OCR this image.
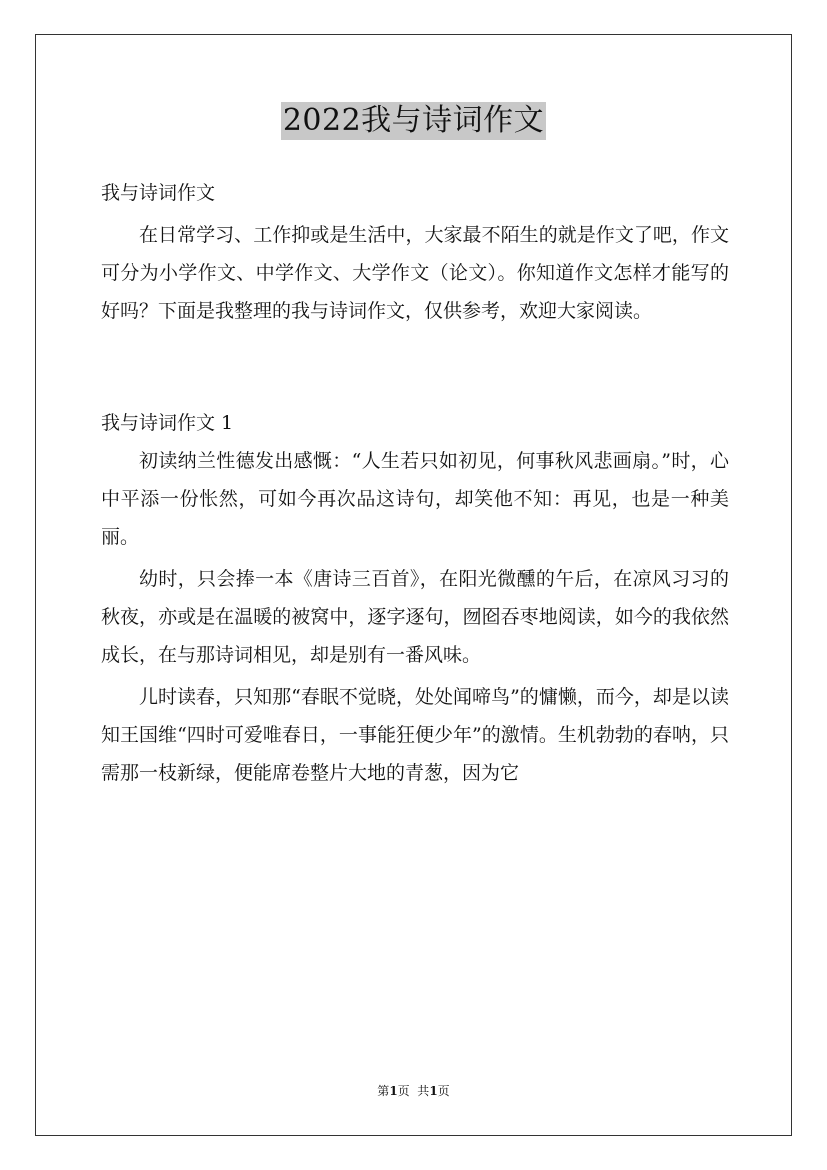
2022我与诗词作文

我与诗词作文

在日常学习、工作抑或是生活中，大家最不陌生的就是作文了吧，作文可分为小学作文、中学作文、大学作文（论文）。你知道作文怎样才能写的好吗？下面是我整理的我与诗词作文，仅供参考，欢迎大家阅读。

我与诗词作文 1

初读纳兰性德发出感慨：“人生若只如初见，何事秋风悲画扇。”时，心中平添一份怅然，可如今再次品这诗句，却笑他不知：再见，也是一种美丽。

幼时，只会捧一本《唐诗三百首》，在阳光微醺的午后，在凉风习习的秋夜，亦或是在温暖的被窝中，逐字逐句，囫囵吞枣地阅读，如今的我依然成长，在与那诗词相见，却是别有一番风味。

儿时读春，只知那“春眠不觉晓，处处闻啼鸟”的慵懒，而今，却是以读知王国维“四时可爱唯春日，一事能狂便少年”的激情。生机勃勃的春呐，只需那一枝新绿，便能席卷整片大地的青葱，因为它

第1页  共1页
